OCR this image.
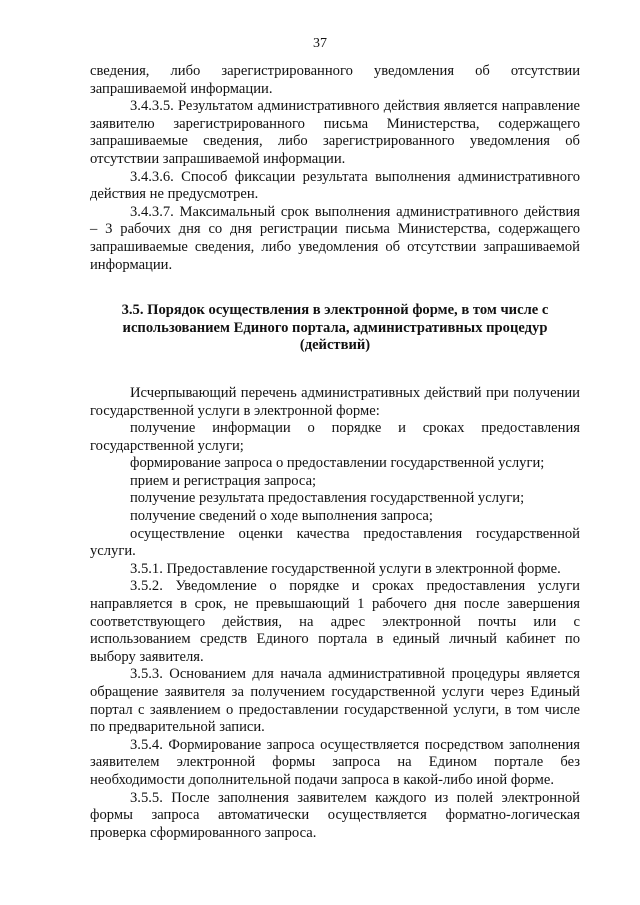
37

сведения, либо зарегистрированного уведомления об отсутствии запрашиваемой информации.

3.4.3.5. Результатом административного действия является направление заявителю зарегистрированного письма Министерства, содержащего запрашиваемые сведения, либо зарегистрированного уведомления об отсутствии запрашиваемой информации.

3.4.3.6. Способ фиксации результата выполнения административного действия не предусмотрен.

3.4.3.7. Максимальный срок выполнения административного действия – 3 рабочих дня со дня регистрации письма Министерства, содержащего запрашиваемые сведения, либо уведомления об отсутствии запрашиваемой информации.

3.5. Порядок осуществления в электронной форме, в том числе с использованием Единого портала, административных процедур (действий)

Исчерпывающий перечень административных действий при получении государственной услуги в электронной форме:

получение информации о порядке и сроках предоставления государственной услуги;

формирование запроса о предоставлении государственной услуги;

прием и регистрация запроса;

получение результата предоставления государственной услуги;

получение сведений о ходе выполнения запроса;

осуществление оценки качества предоставления государственной услуги.

3.5.1. Предоставление государственной услуги в электронной форме.

3.5.2. Уведомление о порядке и сроках предоставления услуги направляется в срок, не превышающий 1 рабочего дня после завершения соответствующего действия, на адрес электронной почты или с использованием средств Единого портала в единый личный кабинет по выбору заявителя.

3.5.3. Основанием для начала административной процедуры является обращение заявителя за получением государственной услуги через Единый портал с заявлением о предоставлении государственной услуги, в том числе по предварительной записи.

3.5.4. Формирование запроса осуществляется посредством заполнения заявителем электронной формы запроса на Едином портале без необходимости дополнительной подачи запроса в какой-либо иной форме.

3.5.5. После заполнения заявителем каждого из полей электронной формы запроса автоматически осуществляется форматно-логическая проверка сформированного запроса.
